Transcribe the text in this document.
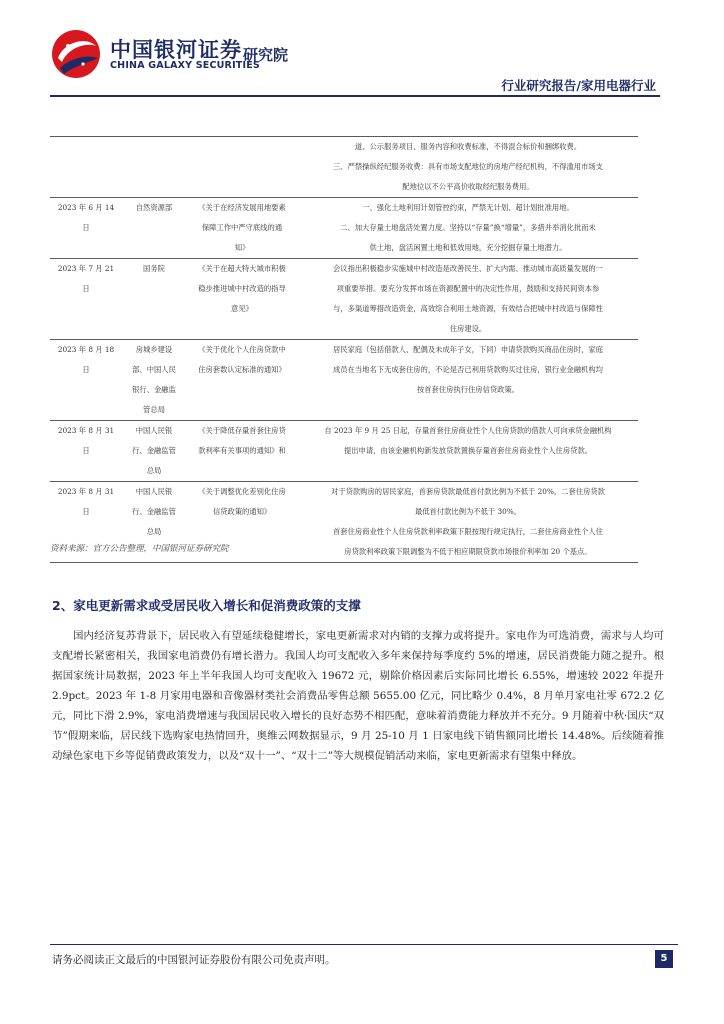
中国银河证券
CHINA GALAXY SECURITIES
研究院
行业研究报告/家用电器行业

			道、公示服务项目、服务内容和收费标准，不得混合标价和捆绑收费。
三、严禁操纵经纪服务收费：具有市场支配地位的房地产经纪机构，不得滥用市场支
配地位以不公平高价收取经纪服务费用。

2023 年 6 月 14
日	自然资源部	《关于在经济发展用地要素
保障工作中严守底线的通
知》	一、强化土地利用计划管控约束，严禁无计划、超计划批准用地。
二、加大存量土地盘活处置力度。坚持以“存量”换“增量”，多措并举消化批而未
供土地，盘活闲置土地和低效用地，充分挖掘存量土地潜力。

2023 年 7 月 21
日	国务院	《关于在超大特大城市积极
稳步推进城中村改造的指导
意见》	会议指出积极稳步实施城中村改造是改善民生、扩大内需、推动城市高质量发展的一
项重要举措。要充分发挥市场在资源配置中的决定性作用，鼓励和支持民间资本参
与，多渠道筹措改造资金，高效综合利用土地资源，有效结合把城中村改造与保障性
住房建设。

2023 年 8 月 18
日	房城乡建设
部、中国人民
银行、金融监
管总局	《关于优化个人住房贷款中
住房套数认定标准的通知》	居民家庭（包括借款人、配偶及未成年子女，下同）申请贷款购买商品住房时，家庭
成员在当地名下无成套住房的，不论是否已利用贷款购买过住房，银行业金融机构均
按首套住房执行住房信贷政策。

2023 年 8 月 31
日	中国人民银
行、金融监管
总局	《关于降低存量首套住房贷
款利率有关事项的通知》和	自 2023 年 9 月 25 日起，存量首套住房商业性个人住房贷款的借款人可向承贷金融机构
提出申请，由该金融机构新发放贷款置换存量首套住房商业性个人住房贷款。

2023 年 8 月 31
日	中国人民银
行、金融监管
总局	《关于调整优化差别化住房
信贷政策的通知》	对于贷款购房的居民家庭，首套房贷款最低首付款比例为不低于 20%，二套住房贷款
最低首付款比例为不低于 30%。
首套住房商业性个人住房贷款利率政策下限按现行规定执行，二套住房商业性个人住
房贷款利率政策下限调整为不低于相应期限贷款市场报价利率加 20 个基点。
资料来源：官方公告整理，中国银河证券研究院
2、家电更新需求或受居民收入增长和促消费政策的支撑
国内经济复苏背景下，居民收入有望延续稳健增长，家电更新需求对内销的支撑力或将提升。家电作为可选消费，需求与人均可支配增长紧密相关，我国家电消费仍有增长潜力。我国人均可支配收入多年来保持每季度约 5%的增速，居民消费能力随之提升。根据国家统计局数据，2023 年上半年我国人均可支配收入 19672 元，剔除价格因素后实际同比增长 6.55%，增速较 2022 年提升 2.9pct。2023 年 1-8 月家用电器和音像器材类社会消费品零售总额 5655.00 亿元，同比略少 0.4%，8 月单月家电社零 672.2 亿元，同比下滑 2.9%，家电消费增速与我国居民收入增长的良好态势不相匹配，意味着消费能力释放并不充分。9 月随着中秋·国庆“双节”假期来临，居民线下选购家电热情回升，奥维云网数据显示，9 月 25-10 月 1 日家电线下销售额同比增长 14.48%。后续随着推动绿色家电下乡等促销费政策发力，以及“双十一”、“双十二”等大规模促销活动来临，家电更新需求有望集中释放。
请务必阅读正文最后的中国银河证券股份有限公司免责声明。	5
